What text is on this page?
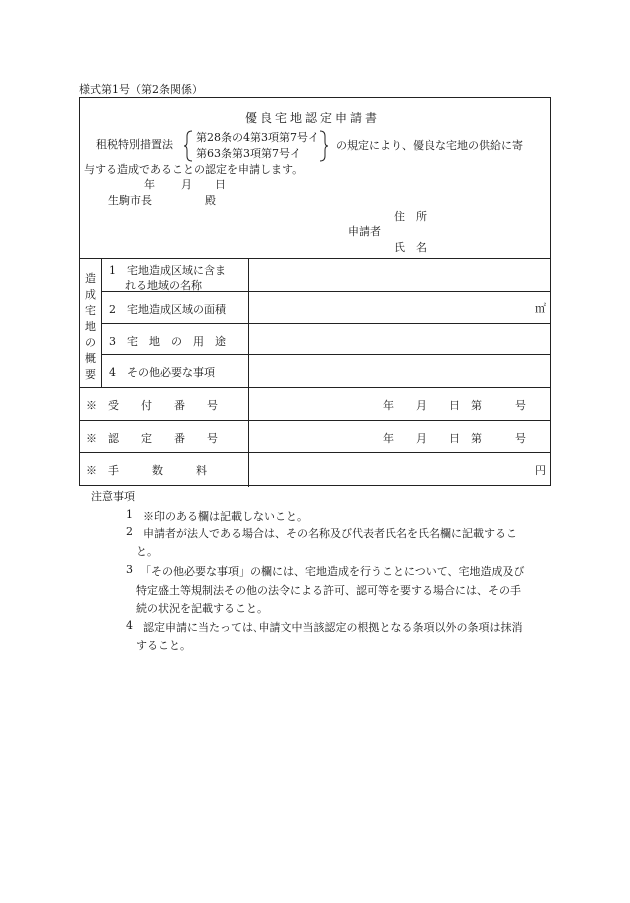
様式第1号（第2条関係）
優良宅地認定申請書
租税特別措置法
第28条の4第3項第7号イ
第63条第3項第7号イ
の規定により、優良な宅地の供給に寄
与する造成であることの認定を申請します。
年 月 日
生駒市長	殿
住　所
申請者
氏　名
造
成
宅
地
の
概
要
1　宅地造成区域に含ま
れる地域の名称
2　宅地造成区域の面積	㎡
3　宅　地　の　用　途
4　その他必要な事項
※　受　　付　　番　　号	年　　月　　日　第　　　号
※　認　　定　　番　　号	年　　月　　日　第　　　号
※　手　　　数　　　料	円
注意事項
1 ※印のある欄は記載しないこと。
2 申請者が法人である場合は、その名称及び代表者氏名を氏名欄に記載するこ
と。
3 「その他必要な事項」の欄には、宅地造成を行うことについて、宅地造成及び
特定盛土等規制法その他の法令による許可、認可等を要する場合には、その手
続の状況を記載すること。
4 認定申請に当たっては､申請文中当該認定の根拠となる条項以外の条項は抹消
すること。
